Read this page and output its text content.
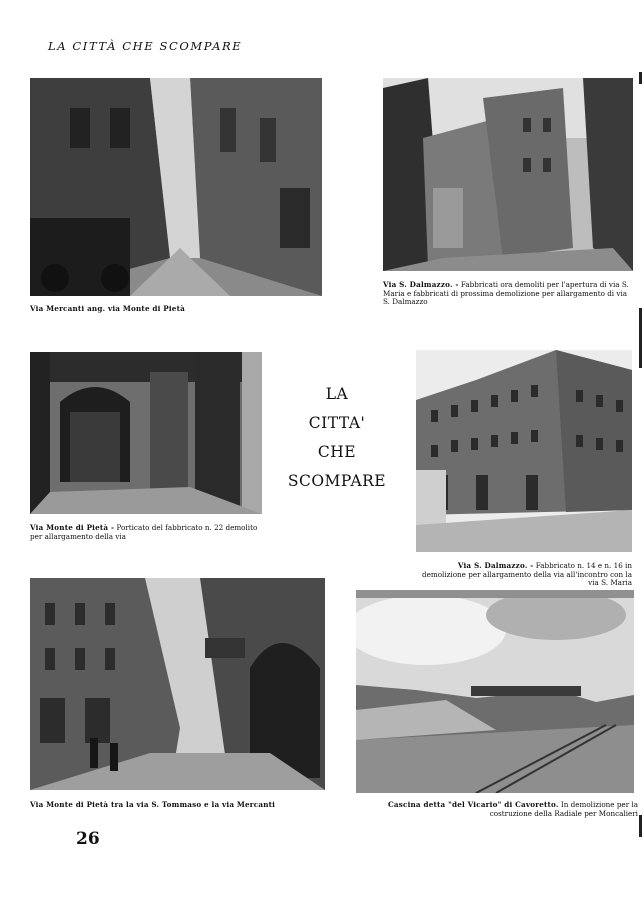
LA CITTÀ CHE SCOMPARE
Via Mercanti ang. via Monte di Pietà
Via S. Dalmazzo. - Fabbricati ora demoliti per l'apertura di via S. Maria e fabbricati di prossima demolizione per allargamento di via S. Dalmazzo
Via Monte di Pietà - Porticato del fabbricato n. 22 demolito per allargamento della via
LA
CITTA'
CHE
SCOMPARE
Via S. Dalmazzo. - Fabbricato n. 14 e n. 16 in demolizione per allargamento della via all'incontro con la via S. Maria
Via Monte di Pietà tra la via S. Tommaso e la via Mercanti	Cascina detta "del Vicario" di Cavoretto. In demolizione per la costruzione della Radiale per Moncalieri
26
